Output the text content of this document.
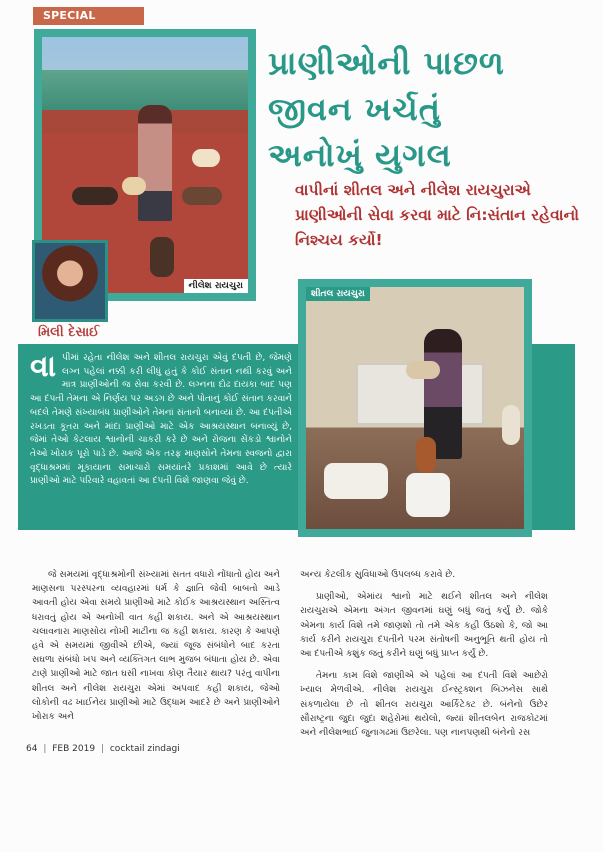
SPECIAL
નીલેશ રાયચુરા
મિલી દેસાઈ
પ્રાણીઓની પાછળ
જીવન ખર્ચતું
અનોખું યુગલ
વાપીનાં શીતલ અને નીલેશ રાયચુરાએ પ્રાણીઓની સેવા કરવા માટે નિ:સંતાન રહેવાનો નિશ્ચય કર્યો!
વા પીમાં રહેતા નીલેશ અને શીતલ રાયચુરા એવું દંપતી છે, જેમણે લગ્ન પહેલાં નક્કી કરી લીધું હતું કે કોઈ સંતાન નથી કરવું અને માત્ર પ્રાણીઓની જ સેવા કરવી છે. લગ્નના દોઢ દાયકા બાદ પણ આ દંપતી તેમના એ નિર્ણય પર અડગ છે અને પોતાનું કોઈ સંતાન કરવાને બદલે તેમણે સંખ્યાબંધ પ્રાણીઓને તેમનાં સંતાનો બનાવ્યાં છે. આ દંપતીએ રખડતા કૂતરા અને માંદા પ્રાણીઓ માટે એક આશ્રયસ્થાન બનાવ્યું છે, જેમાં તેઓ કેટલાય શ્વાનોની ચાકરી કરે છે અને રોજના સેંકડો શ્વાનોને તેઓ ખોરાક પૂરો પાડે છે. આજે એક તરફ માણસોને તેમના સ્વજનો દ્વારા વૃદ્ધાશ્રમમાં મૂકાયાના સમાચારો સમયાંતરે પ્રકાશમાં આવે છે ત્યારે પ્રાણીઓ માટે પરિવારે વહાવતાં આ દંપતી વિશે જાણવા જેવું છે.
શીતલ રાયચુરા
જે સમયમાં વૃદ્ધાશ્રમોની સંખ્યામાં સતત વધારો નોંધાતો હોય અને માણસના પરસ્પરના વ્યવહારમાં ધર્મ કે જ્ઞાતિ જેવી બાબતો આડે આવતી હોય એવા સમયે પ્રાણીઓ માટે કોઈક આશ્રયસ્થાન અસ્તિત્વ ધરાવતું હોય એ અનોખી વાત કહી શકાય. અને એ આશ્રયસ્થાન ચલાવનારા માણસોય નોખી માટીના જ કહી શકાય. કારણ કે આપણે હવે એ સમયમાં જીવીએ છીએ, જ્યાં જૂજ સંબંધોને બાદ કરતા સઘળા સંબંધો ખપ અને વ્યક્તિગત લાભ મુજબ બંધાતા હોય છે. એવા ટાણે પ્રાણીઓ માટે જાત ઘસી નાખવા કોણ તૈયાર થાય? પરંતુ વાપીના શીતલ અને નીલેશ રાયચુરા એમાં અપવાદ કહી શકાય, જેઓ લોકોની વઢ ખાઈનેય પ્રાણીઓ માટે ઉદ્ધામ આદરે છે અને પ્રાણીઓને ખોરાક અને

અન્ય કેટલીક સુવિધાઓ ઉપલબ્ધ કરાવે છે.

પ્રાણીઓ, એમાંય શ્વાનો માટે થઈને શીતલ અને નીલેશ રાયચુરાએ એમના અંગત જીવનમાં ઘણું બધું જતું કર્યું છે. જોકે એમના કાર્ય વિશે તમે જાણશો તો તમે એક કહી ઉઠશો કે, જો આ કાર્ય કરીને રાયચુરા દંપતીને પરમ સંતોષની અનુભૂતિ થતી હોય તો આ દંપતીએ કશુંક જતું કરીને ઘણું બધું પ્રાપ્ત કર્યું છે.

તેમના કામ વિશે જાણીએ એ પહેલાં આ દંપતી વિશે આછેરો ખ્યાલ મેળવીએ. નીલેશ રાયચુરા ઈન્સ્ટ્રક્શન બિઝનેસ સાથે સંકળાયેલા છે તો શીતલ રાયચુરા આર્કિટેક્ટ છે. બંનેનો ઉછેર સૌરાષ્ટ્રના જુદા જુદા શહેરોમાં થયેલો, જ્યાં શીતલબેન રાજકોટમાં અને નીલેશભાઈ જુનાગઢમાં ઉછરેલા. પણ નાનપણથી બંનેનો રસ

64 | FEB 2019 | cocktail zindagi
